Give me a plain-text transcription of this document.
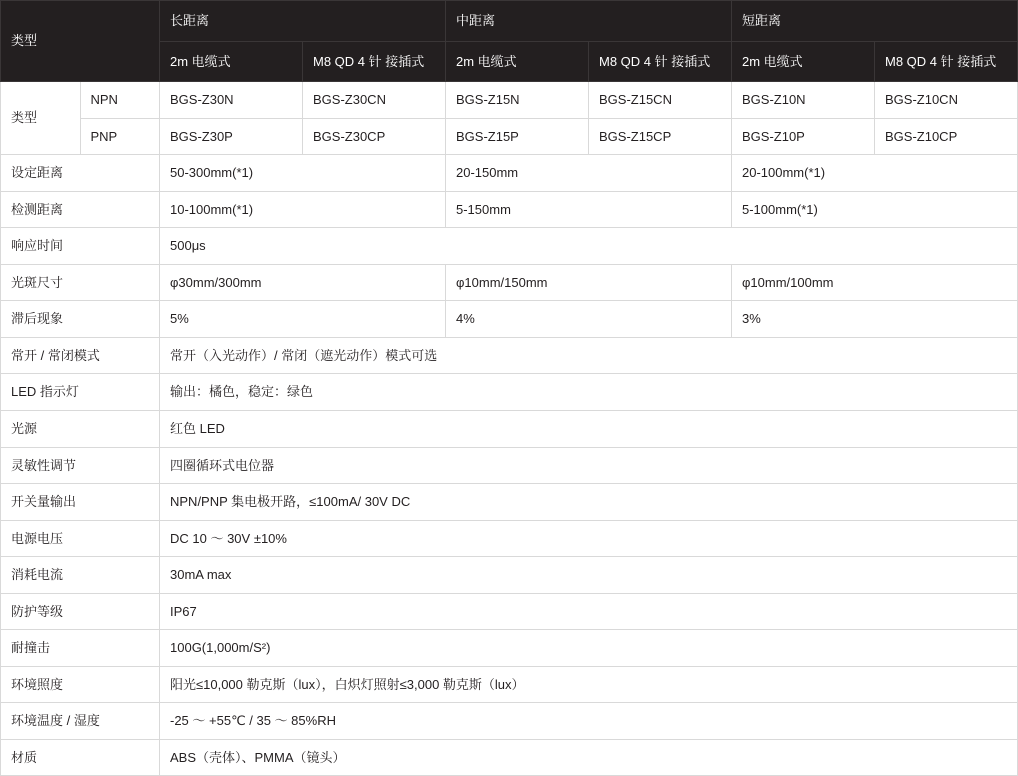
类型		长距离		中距离		短距离	
		2m 电缆式	M8 QD 4 针 接插式	2m 电缆式	M8 QD 4 针 接插式	2m 电缆式	M8 QD 4 针 接插式
类型	NPN	BGS-Z30N	BGS-Z30CN	BGS-Z15N	BGS-Z15CN	BGS-Z10N	BGS-Z10CN
	PNP	BGS-Z30P	BGS-Z30CP	BGS-Z15P	BGS-Z15CP	BGS-Z10P	BGS-Z10CP
设定距离		50-300mm(*1)		20-150mm		20-100mm(*1)	
检测距离		10-100mm(*1)		5-150mm		5-100mm(*1)	
响应时间		500μs					
光斑尺寸		φ30mm/300mm		φ10mm/150mm		φ10mm/100mm	
滞后现象		5%		4%		3%	
常开 / 常闭模式		常开（入光动作）/ 常闭（遮光动作）模式可选					
LED 指示灯		输出：橘色，稳定：绿色					
光源		红色 LED					
灵敏性调节		四圈循环式电位器					
开关量输出		NPN/PNP 集电极开路，≤100mA/ 30V DC					
电源电压		DC 10 ～ 30V ±10%					
消耗电流		30mA max					
防护等级		IP67					
耐撞击		100G(1,000m/S²)					
环境照度		阳光≤10,000 勒克斯（lux），白炽灯照射≤3,000 勒克斯（lux）					
环境温度 / 湿度		-25 ～ +55℃ / 35 ～ 85%RH					
材质		ABS（壳体）、PMMA（镜头）					
